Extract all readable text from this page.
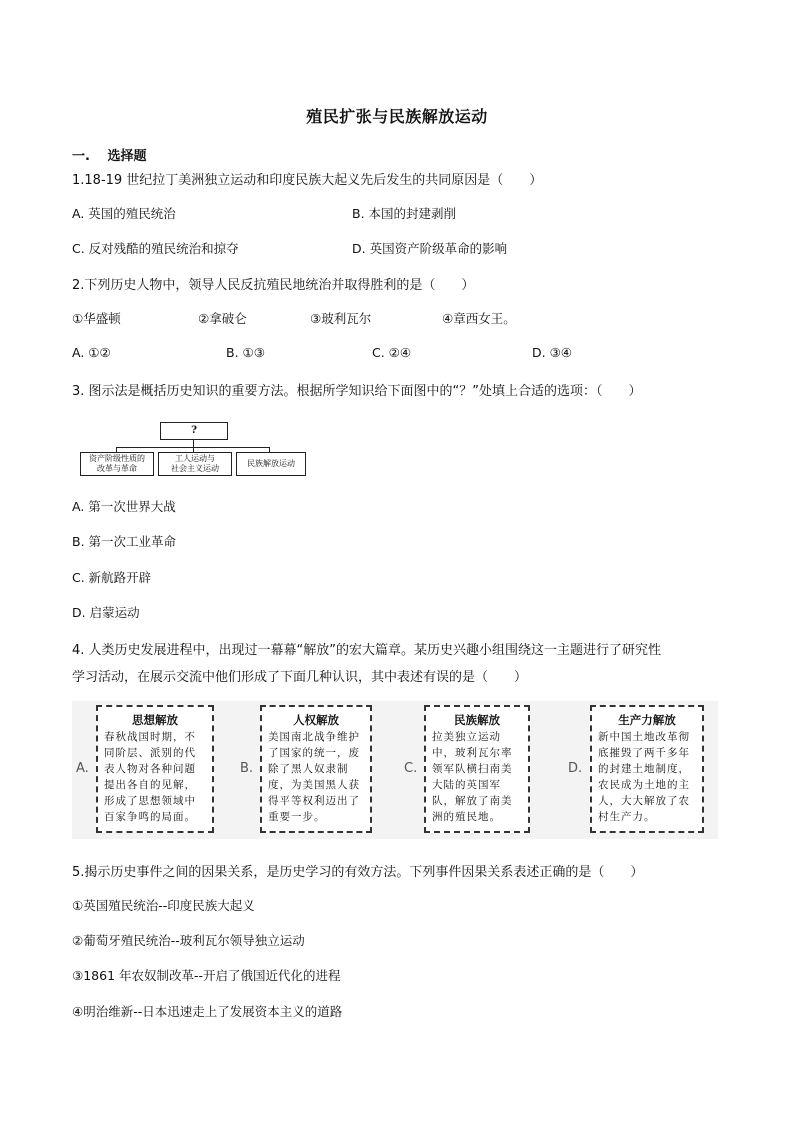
殖民扩张与民族解放运动
一.　 选择题
1.18-19 世纪拉丁美洲独立运动和印度民族大起义先后发生的共同原因是（　　）
A. 英国的殖民统治	B. 本国的封建剥削
C. 反对残酷的殖民统治和掠夺	D. 英国资产阶级革命的影响
2.下列历史人物中，领导人民反抗殖民地统治并取得胜利的是（　　）
①华盛顿	②拿破仑	③玻利瓦尔	④章西女王。
A. ①②	B. ①③	C. ②④	D. ③④
3. 图示法是概括历史知识的重要方法。根据所学知识给下面图中的“？”处填上合适的选项：（　　）
?
资产阶级性质的
改革与革命
工人运动与
社会主义运动
民族解放运动
A. 第一次世界大战
B. 第一次工业革命
C. 新航路开辟
D. 启蒙运动
4. 人类历史发展进程中，出现过一幕幕“解放”的宏大篇章。某历史兴趣小组围绕这一主题进行了研究性
学习活动，在展示交流中他们形成了下面几种认识，其中表述有误的是（　　）
A.
思想解放
春秋战国时期，不同阶层、派别的代表人物对各种问题提出各自的见解，形成了思想领域中百家争鸣的局面。
B.
人权解放
美国南北战争维护了国家的统一，废除了黑人奴隶制度，为美国黑人获得平等权利迈出了重要一步。
C.
民族解放
拉美独立运动中，玻利瓦尔率领军队横扫南美大陆的英国军队，解放了南美洲的殖民地。
D.
生产力解放
新中国土地改革彻底摧毁了两千多年的封建土地制度，农民成为土地的主人，大大解放了农村生产力。
5.揭示历史事件之间的因果关系，是历史学习的有效方法。下列事件因果关系表述正确的是（　　）
①英国殖民统治--印度民族大起义
②葡萄牙殖民统治--玻利瓦尔领导独立运动
③1861 年农奴制改革--开启了俄国近代化的进程
④明治维新--日本迅速走上了发展资本主义的道路
